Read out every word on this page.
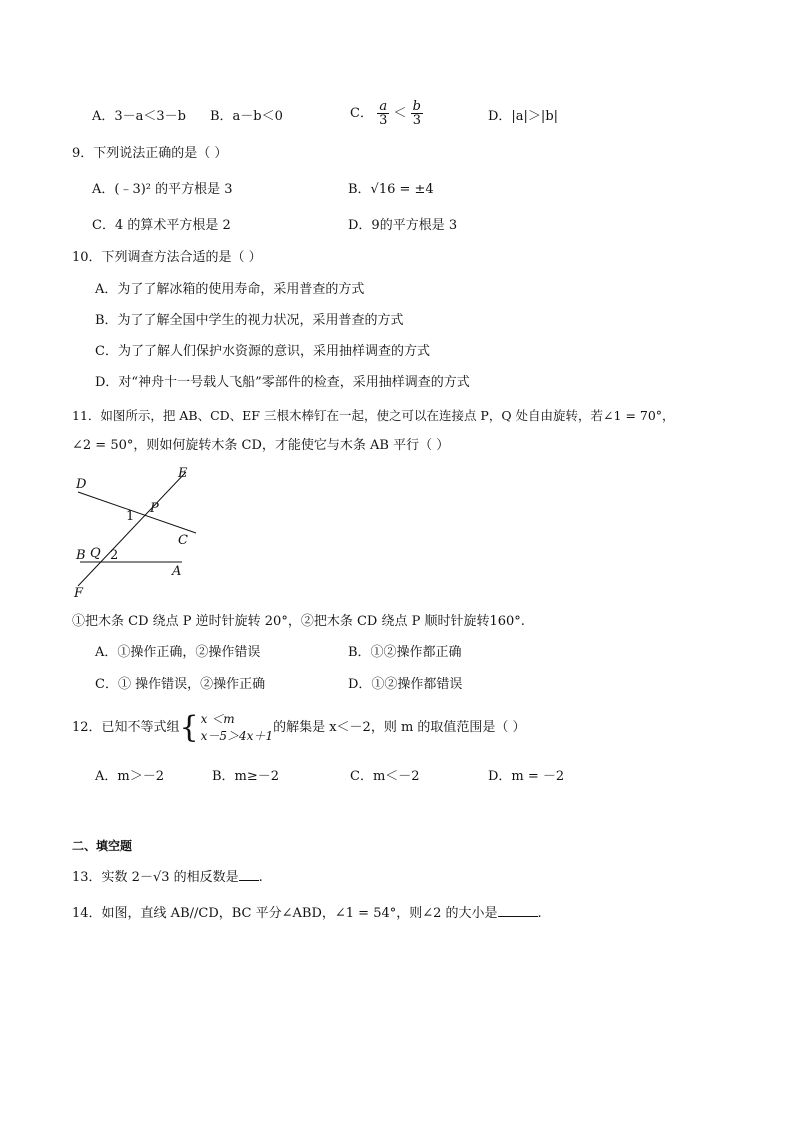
A．3－a＜3－b B．a－b＜0	C． $\frac{a}{3} < \frac{b}{3}$	D．|a|＞|b|
9．下列说法正确的是（ ）
A．(﹣3)² 的平方根是 3	B．√16 = ±4
C．4 的算术平方根是 2	D．9的平方根是 3
10．下列调查方法合适的是（ ）
A．为了了解冰箱的使用寿命，采用普查的方式
B．为了了解全国中学生的视力状况，采用普查的方式
C．为了了解人们保护水资源的意识，采用抽样调查的方式
D．对“神舟十一号载人飞船”零部件的检查，采用抽样调查的方式
11．如图所示，把 AB、CD、EF 三根木棒钉在一起，使之可以在连接点 P，Q 处自由旋转，若∠1 = 70°，
∠2 = 50°，则如何旋转木条 CD，才能使它与木条 AB 平行（ ）
E
D
P
1
C
B Q 2
A
F
①把木条 CD 绕点 P 逆时针旋转 20°，②把木条 CD 绕点 P 顺时针旋转160°.
A．①操作正确，②操作错误	B．①②操作都正确
C．① 操作错误，②操作正确	D．①②操作都错误
12．已知不等式组{ x ＜m
x－5＞4x＋1
的解集是 x＜－2，则 m 的取值范围是（ ）
A．m＞－2	B．m≥－2	C．m＜－2	D．m = －2
二、填空题
13．实数 2－√3 的相反数是 .
14．如图，直线 AB//CD，BC 平分∠ABD，∠1 = 54°，则∠2 的大小是	.
